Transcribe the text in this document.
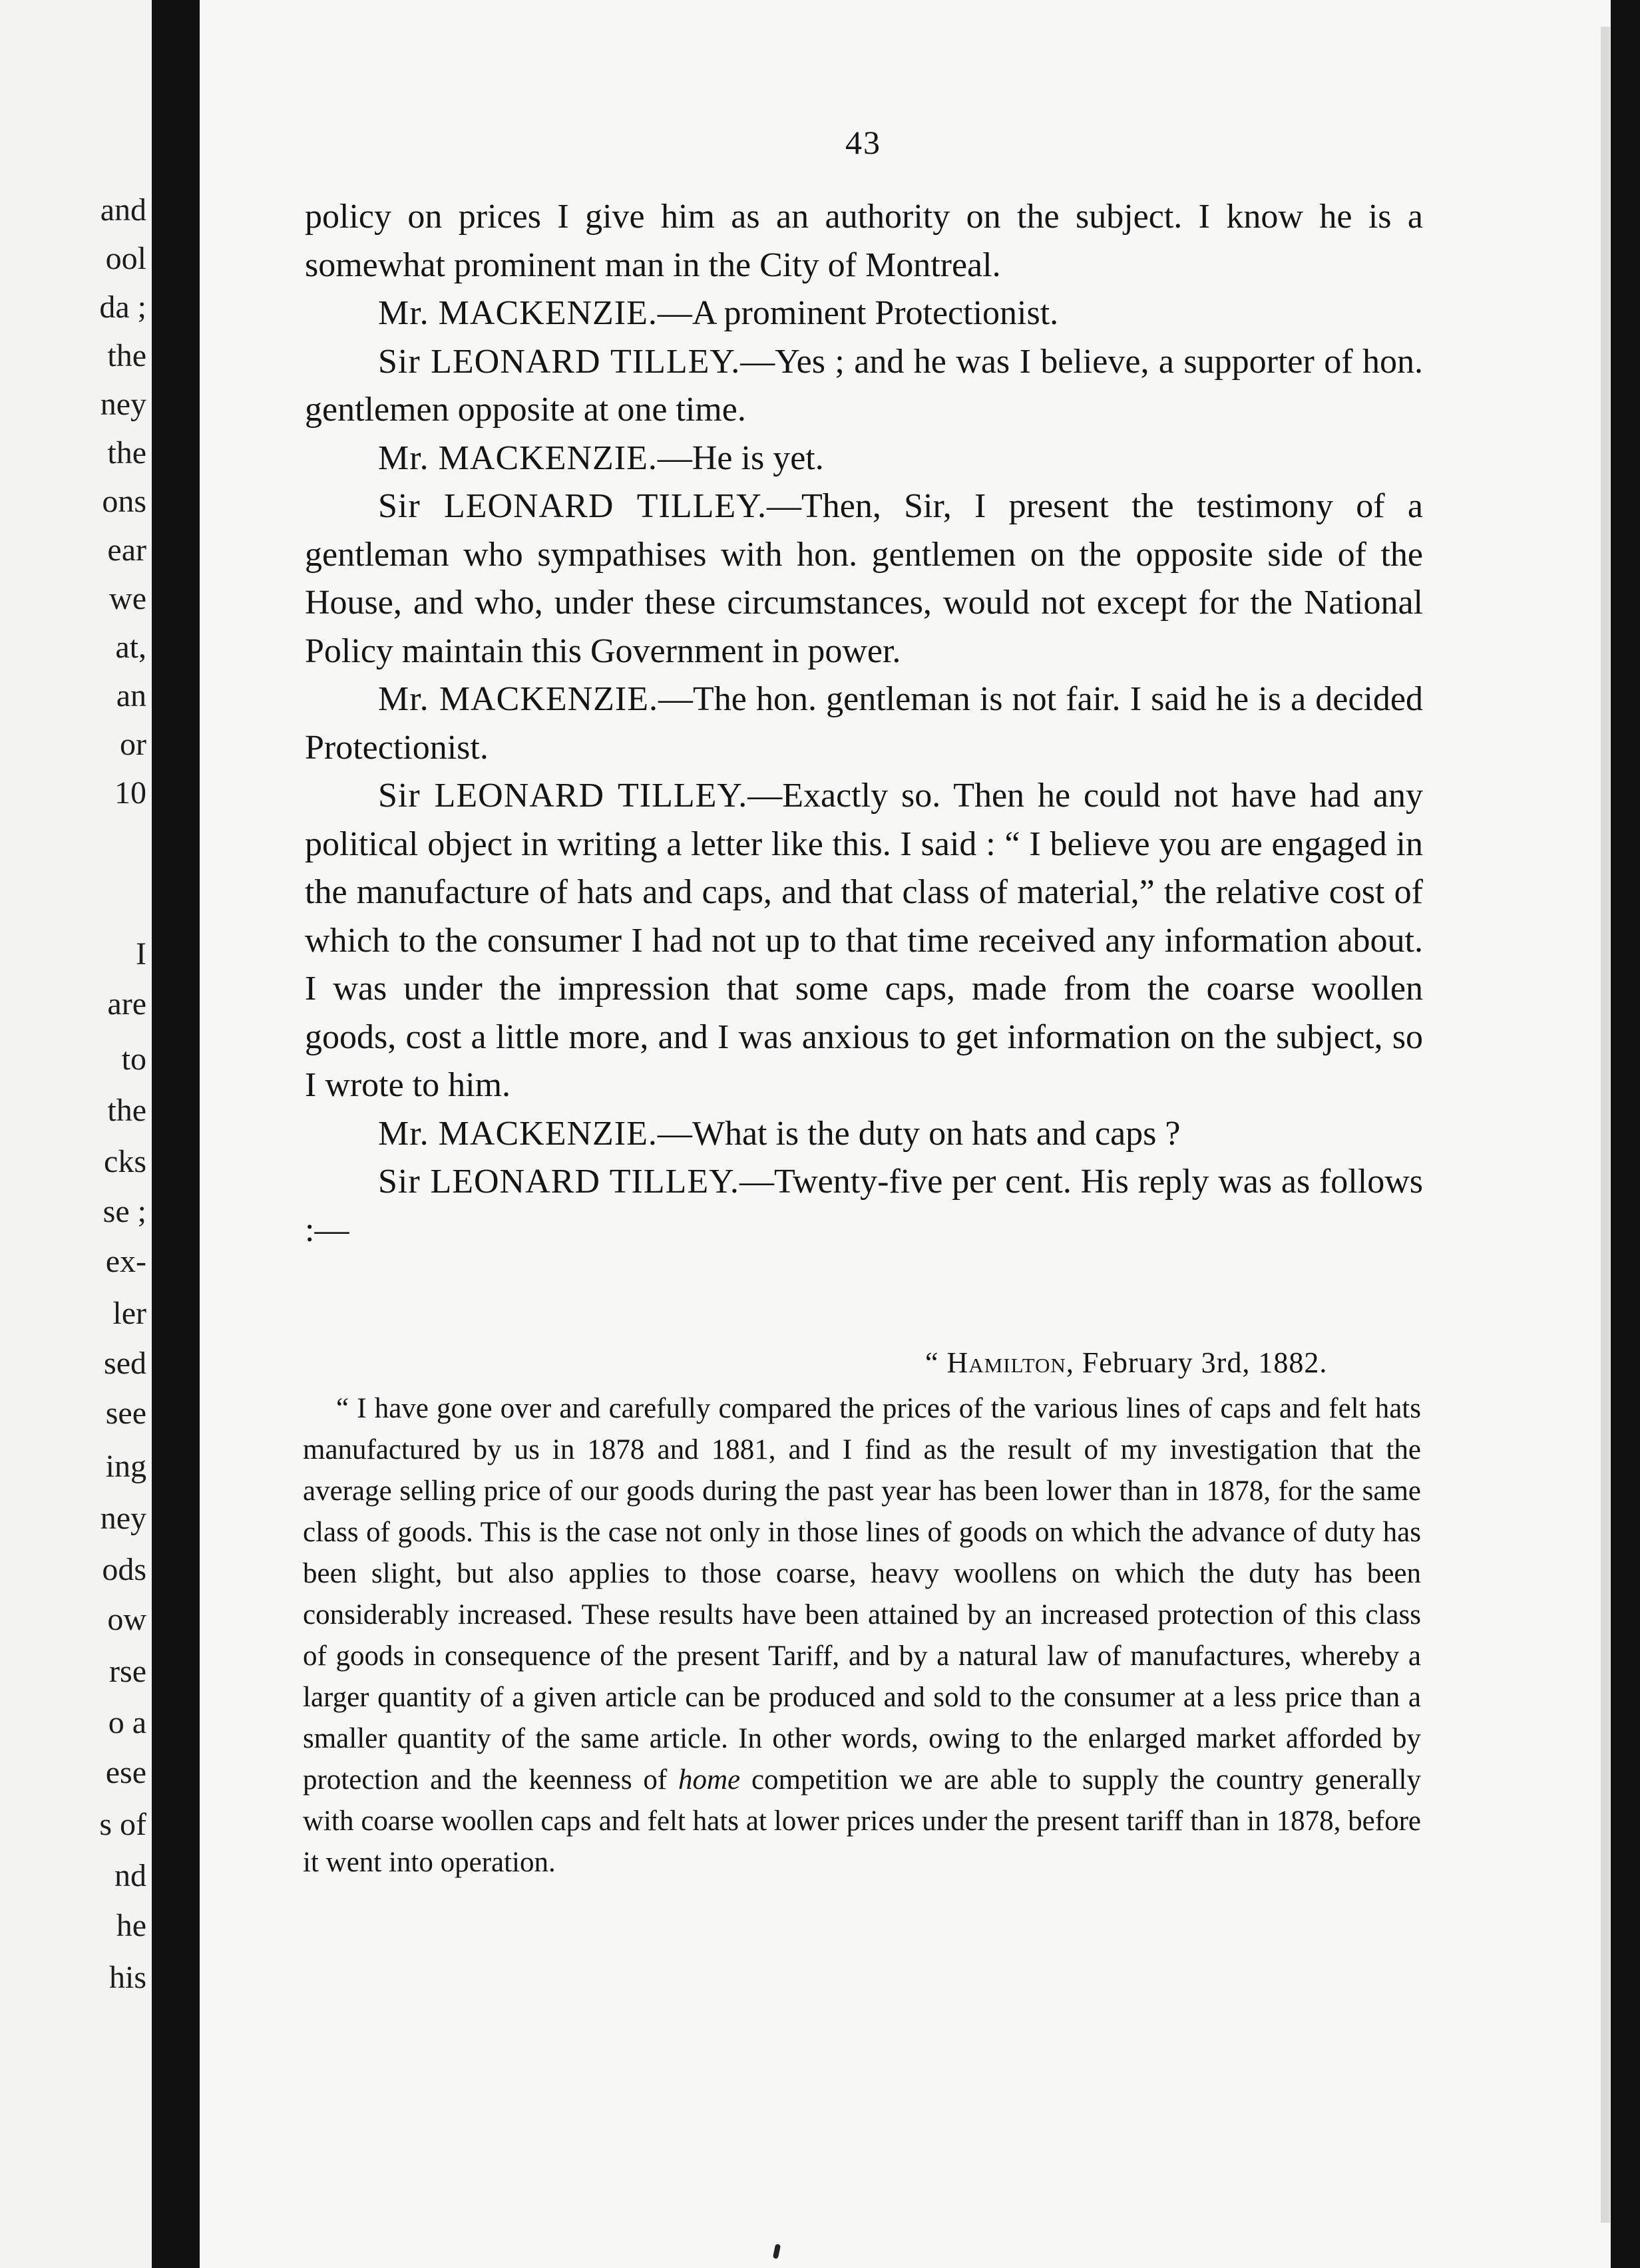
and
ool
da ;
the
ney
the
ons
ear
we
at,
an
or
10
I
are
to
the
cks
se ;
ex-
ler
sed
see
ing
ney
ods
ow
rse
o a
ese
s of
nd
he
his
43

policy on prices I give him as an authority on the subject. I know he is a somewhat prominent man in the City of Montreal.

Mr. MACKENZIE.—A prominent Protectionist.

Sir LEONARD TILLEY.—Yes ; and he was I believe, a supporter of hon. gentlemen opposite at one time.

Mr. MACKENZIE.—He is yet.

Sir LEONARD TILLEY.—Then, Sir, I present the testimony of a gentleman who sympathises with hon. gentlemen on the opposite side of the House, and who, under these circumstances, would not except for the National Policy maintain this Government in power.

Mr. MACKENZIE.—The hon. gentleman is not fair. I said he is a decided Protectionist.

Sir LEONARD TILLEY.—Exactly so. Then he could not have had any political object in writing a letter like this. I said : “ I believe you are engaged in the manufacture of hats and caps, and that class of material,” the relative cost of which to the consumer I had not up to that time received any information about. I was under the impression that some caps, made from the coarse woollen goods, cost a little more, and I was anxious to get information on the subject, so I wrote to him.

Mr. MACKENZIE.—What is the duty on hats and caps ?

Sir LEONARD TILLEY.—Twenty-five per cent. His reply was as follows :—

“ Hamilton, February 3rd, 1882.

“ I have gone over and carefully compared the prices of the various lines of caps and felt hats manufactured by us in 1878 and 1881, and I find as the result of my investigation that the average selling price of our goods during the past year has been lower than in 1878, for the same class of goods. This is the case not only in those lines of goods on which the advance of duty has been slight, but also applies to those coarse, heavy woollens on which the duty has been considerably increased. These results have been attained by an increased protection of this class of goods in consequence of the present Tariff, and by a natural law of manufactures, whereby a larger quantity of a given article can be produced and sold to the consumer at a less price than a smaller quantity of the same article. In other words, owing to the enlarged market afforded by protection and the keenness of home competition we are able to supply the country generally with coarse woollen caps and felt hats at lower prices under the present tariff than in 1878, before it went into operation.
